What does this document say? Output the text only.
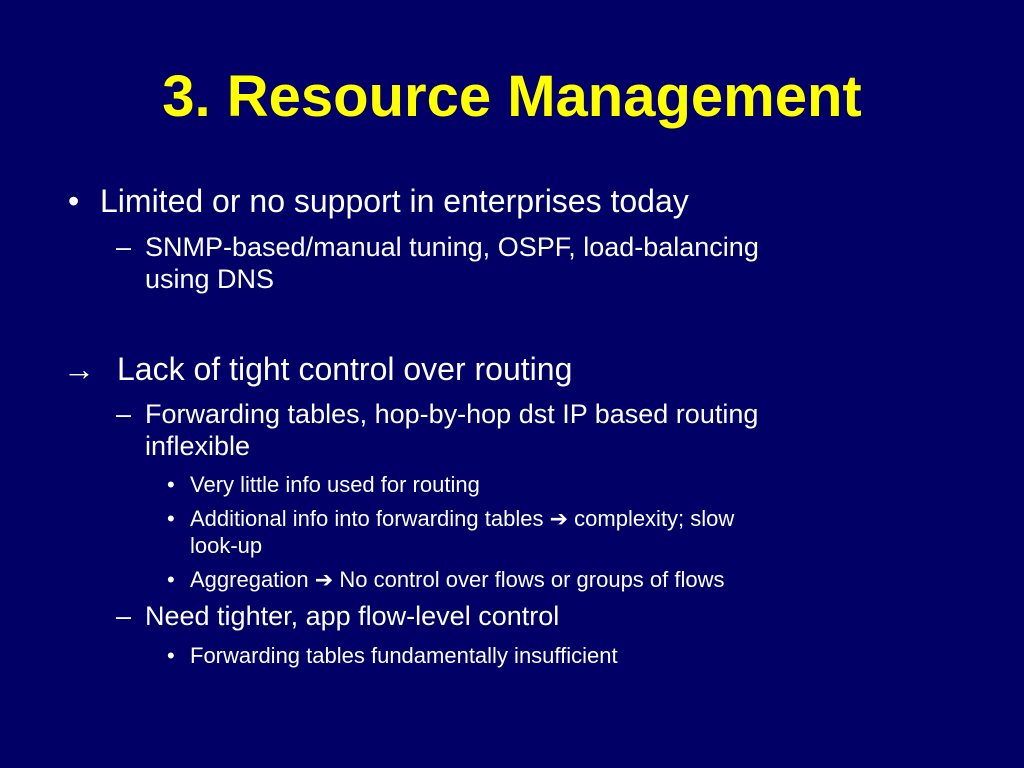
3. Resource Management
• Limited or no support in enterprises today
– SNMP-based/manual tuning, OSPF, load-balancing
using DNS
→ Lack of tight control over routing
– Forwarding tables, hop-by-hop dst IP based routing
inflexible
• Very little info used for routing
• Additional info into forwarding tables ➔ complexity; slow
look-up
• Aggregation ➔ No control over flows or groups of flows
– Need tighter, app flow-level control
• Forwarding tables fundamentally insufficient
